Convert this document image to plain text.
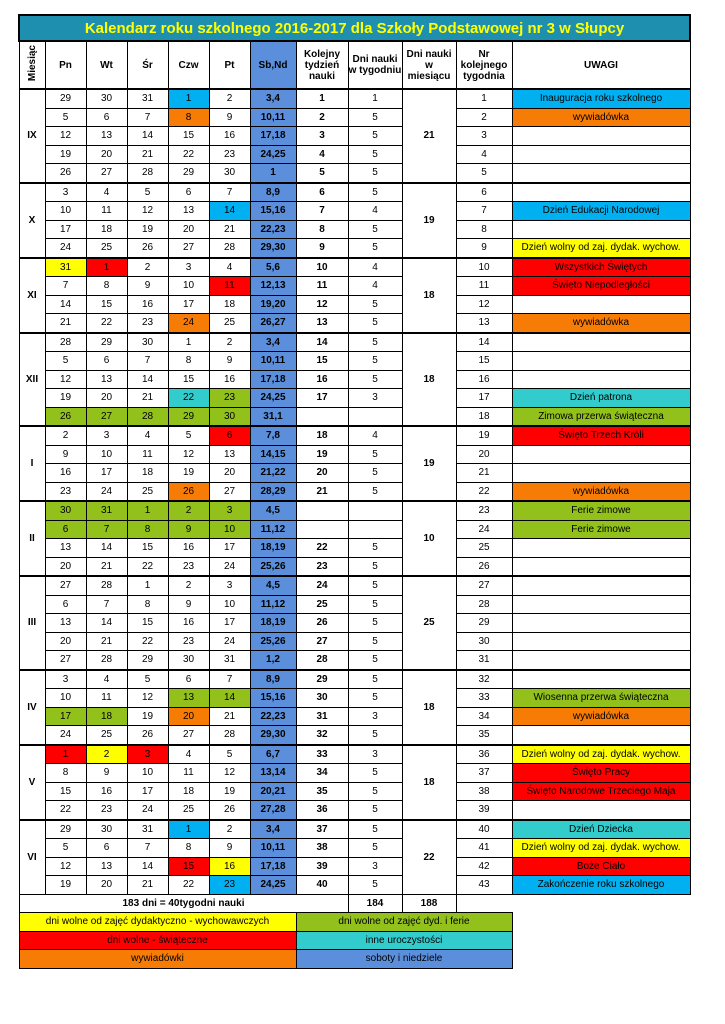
Kalendarz roku szkolnego 2016-2017 dla Szkoły Podstawowej nr 3 w Słupcy											
Miesiąc	Pn	Wt	Śr	Czw	Pt	Sb,Nd	Kolejny tydzień nauki	Dni nauki w tygodniu	Dni nauki w miesiącu	Nr kolejnego tygodnia	UWAGI
IX	29	30	31	1	2	3,4	1	1	21	1	Inauguracja roku szkolnego
	5	6	7	8	9	10,11	2	5		2	wywiadówka
	12	13	14	15	16	17,18	3	5		3	
	19	20	21	22	23	24,25	4	5		4	
	26	27	28	29	30	1	5	5		5	
X	3	4	5	6	7	8,9	6	5	19	6	
	10	11	12	13	14	15,16	7	4		7	Dzień Edukacji Narodowej
	17	18	19	20	21	22,23	8	5		8	
	24	25	26	27	28	29,30	9	5		9	Dzień wolny od zaj. dydak. wychow.
XI	31	1	2	3	4	5,6	10	4	18	10	Wszystkich Świętych
	7	8	9	10	11	12,13	11	4		11	Święto Niepodległości
	14	15	16	17	18	19,20	12	5		12	
	21	22	23	24	25	26,27	13	5		13	wywiadówka
XII	28	29	30	1	2	3,4	14	5	18	14	
	5	6	7	8	9	10,11	15	5		15	
	12	13	14	15	16	17,18	16	5		16	
	19	20	21	22	23	24,25	17	3		17	Dzień patrona
	26	27	28	29	30	31,1				18	Zimowa przerwa świąteczna
I	2	3	4	5	6	7,8	18	4	19	19	Święto Trzech Króli
	9	10	11	12	13	14,15	19	5		20	
	16	17	18	19	20	21,22	20	5		21	
	23	24	25	26	27	28,29	21	5		22	wywiadówka
II	30	31	1	2	3	4,5			10	23	Ferie zimowe
	6	7	8	9	10	11,12				24	Ferie zimowe
	13	14	15	16	17	18,19	22	5		25	
	20	21	22	23	24	25,26	23	5		26	
III	27	28	1	2	3	4,5	24	5	25	27	
	6	7	8	9	10	11,12	25	5		28	
	13	14	15	16	17	18,19	26	5		29	
	20	21	22	23	24	25,26	27	5		30	
	27	28	29	30	31	1,2	28	5		31	
IV	3	4	5	6	7	8,9	29	5	18	32	
	10	11	12	13	14	15,16	30	5		33	Wiosenna przerwa świąteczna
	17	18	19	20	21	22,23	31	3		34	wywiadówka
	24	25	26	27	28	29,30	32	5		35	
V	1	2	3	4	5	6,7	33	3	18	36	Dzień wolny od zaj. dydak. wychow.
	8	9	10	11	12	13,14	34	5		37	Święto Pracy
	15	16	17	18	19	20,21	35	5		38	Święto Narodowe Trzeciego Maja
	22	23	24	25	26	27,28	36	5		39	
VI	29	30	31	1	2	3,4	37	5	22	40	Dzień Dziecka
	5	6	7	8	9	10,11	38	5		41	Dzień wolny od zaj. dydak. wychow.
	12	13	14	15	16	17,18	39	3		42	Boże Ciało
	19	20	21	22	23	24,25	40	5		43	Zakończenie roku szkolnego
183 dni = 40tygodni nauki								184	188		
dni wolne od zajęć dydaktyczno - wychowawczych							dni wolne od zajęć dyd. i ferie				
dni wolne - świąteczne							inne uroczystości				
wywiadówki							soboty i niedziele				
